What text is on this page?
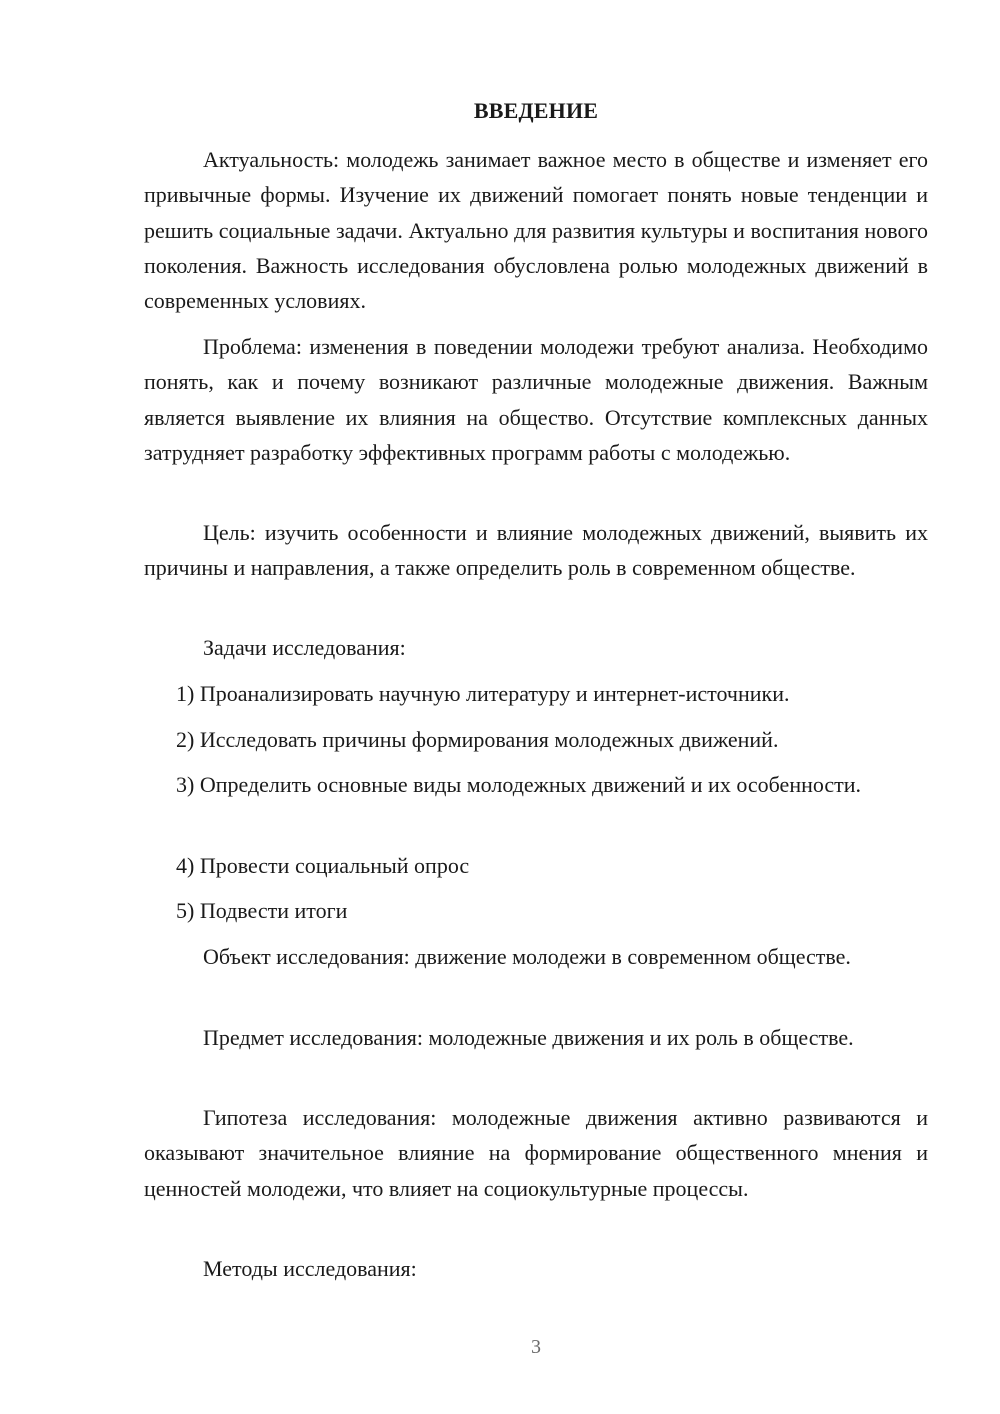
ВВЕДЕНИЕ

Актуальность: молодежь занимает важное место в обществе и изменяет его привычные формы. Изучение их движений помогает понять новые тенденции и решить социальные задачи. Актуально для развития культуры и воспитания нового поколения. Важность исследования обусловлена ролью молодежных движений в современных условиях.

Проблема: изменения в поведении молодежи требуют анализа. Необходимо понять, как и почему возникают различные молодежные движения. Важным является выявление их влияния на общество. Отсутствие комплексных данных затрудняет разработку эффективных программ работы с молодежью.

Цель: изучить особенности и влияние молодежных движений, выявить их причины и направления, а также определить роль в современном обществе.

Задачи исследования:

1) Проанализировать научную литературу и интернет-источники.

2) Исследовать причины формирования молодежных движений.

3) Определить основные виды молодежных движений и их особенности.

4) Провести социальный опрос

5) Подвести итоги

Объект исследования: движение молодежи в современном обществе.

Предмет исследования: молодежные движения и их роль в обществе.

Гипотеза исследования: молодежные движения активно развиваются и оказывают значительное влияние на формирование общественного мнения и ценностей молодежи, что влияет на социокультурные процессы.

Методы исследования:

3
